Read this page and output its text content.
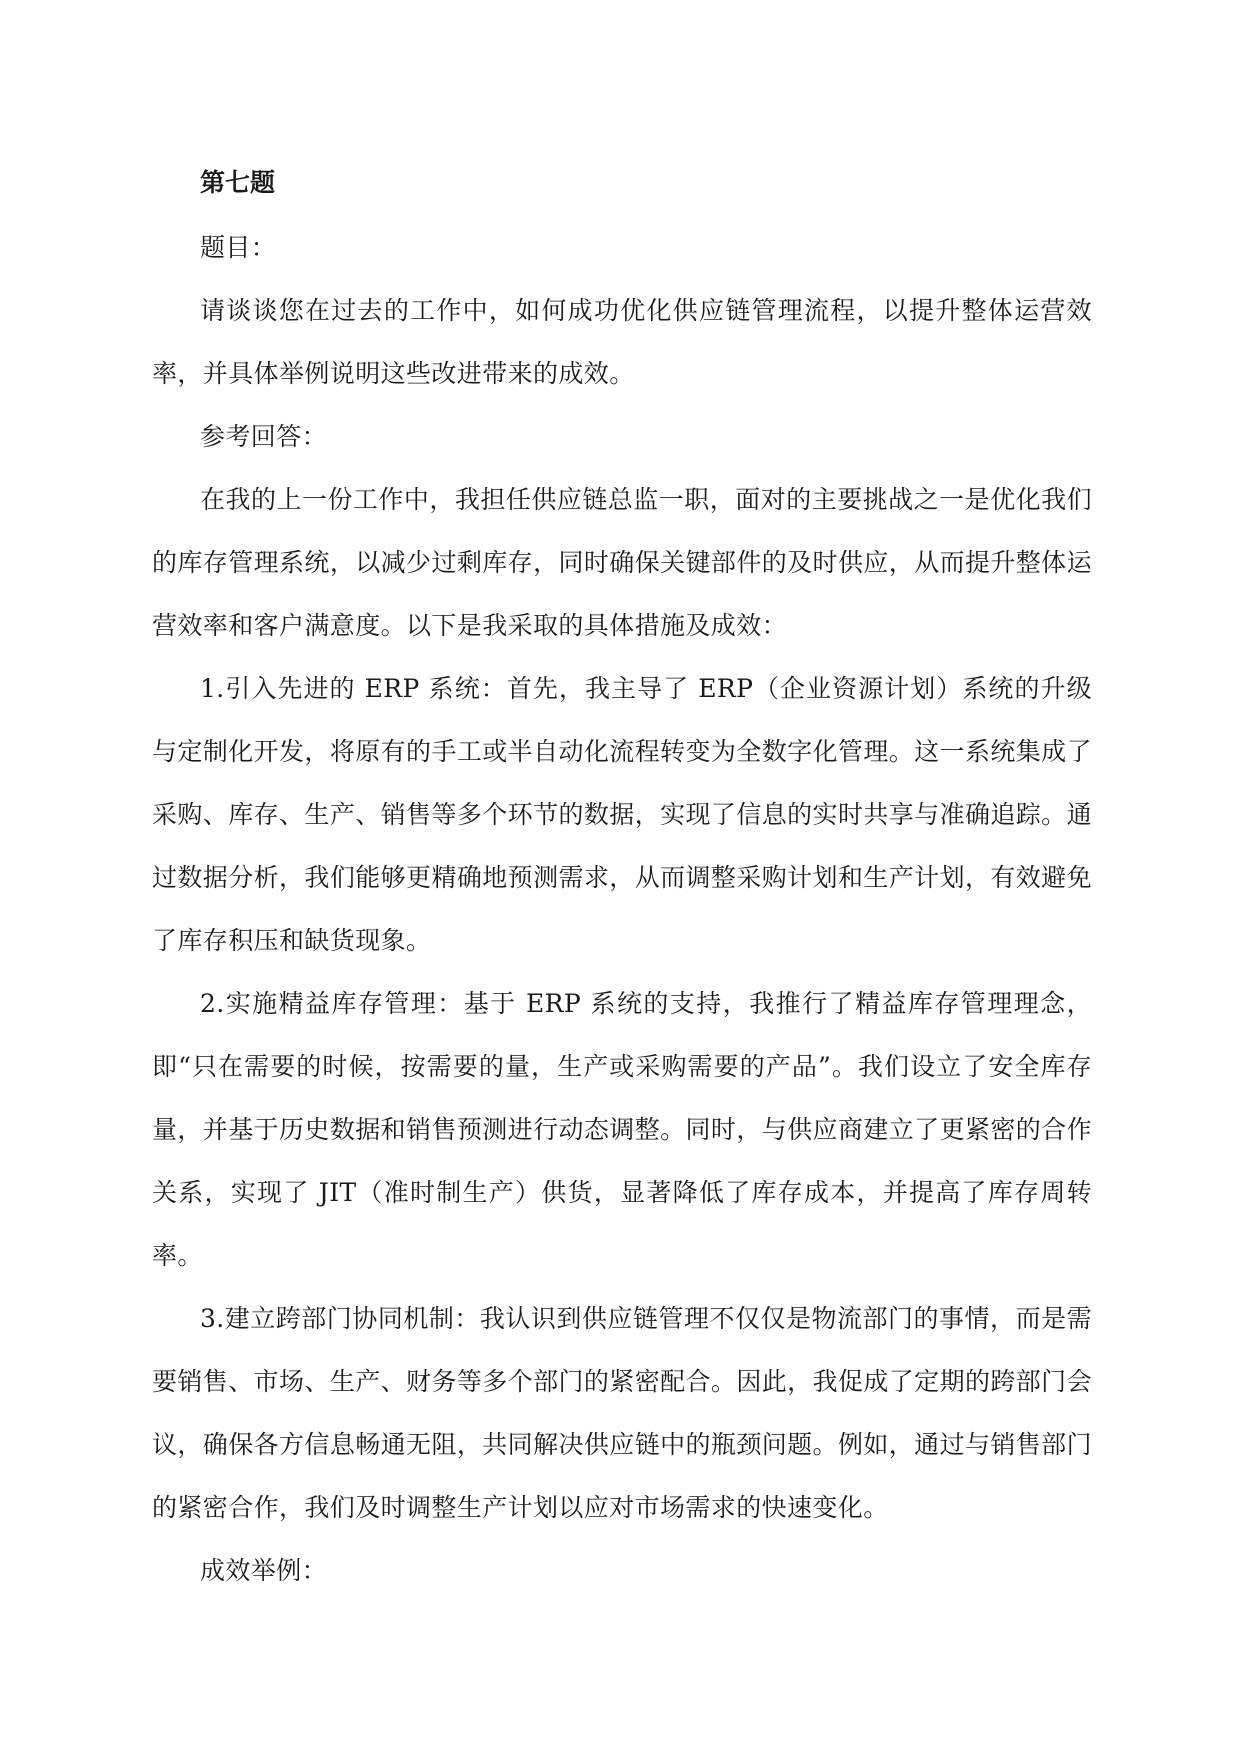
第七题

题目：

请谈谈您在过去的工作中，如何成功优化供应链管理流程，以提升整体运营效率，并具体举例说明这些改进带来的成效。

参考回答：

在我的上一份工作中，我担任供应链总监一职，面对的主要挑战之一是优化我们的库存管理系统，以减少过剩库存，同时确保关键部件的及时供应，从而提升整体运营效率和客户满意度。以下是我采取的具体措施及成效：

1.引入先进的 ERP 系统：首先，我主导了 ERP（企业资源计划）系统的升级与定制化开发，将原有的手工或半自动化流程转变为全数字化管理。这一系统集成了采购、库存、生产、销售等多个环节的数据，实现了信息的实时共享与准确追踪。通过数据分析，我们能够更精确地预测需求，从而调整采购计划和生产计划，有效避免了库存积压和缺货现象。

2.实施精益库存管理：基于 ERP 系统的支持，我推行了精益库存管理理念，即“只在需要的时候，按需要的量，生产或采购需要的产品”。我们设立了安全库存量，并基于历史数据和销售预测进行动态调整。同时，与供应商建立了更紧密的合作关系，实现了 JIT（准时制生产）供货，显著降低了库存成本，并提高了库存周转率。

3.建立跨部门协同机制：我认识到供应链管理不仅仅是物流部门的事情，而是需要销售、市场、生产、财务等多个部门的紧密配合。因此，我促成了定期的跨部门会议，确保各方信息畅通无阻，共同解决供应链中的瓶颈问题。例如，通过与销售部门的紧密合作，我们及时调整生产计划以应对市场需求的快速变化。

成效举例：
